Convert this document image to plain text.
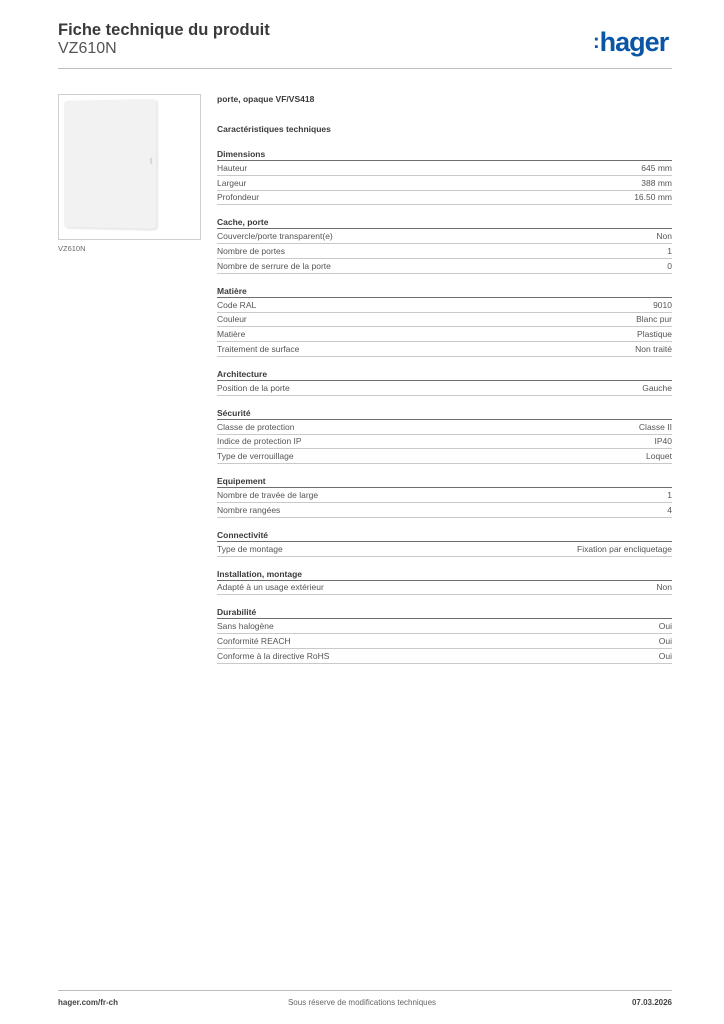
Fiche technique du produit
VZ610N	:hager
VZ610N
porte, opaque VF/VS418
Caractéristiques techniques
Dimensions
Hauteur	645 mm
Largeur	388 mm
Profondeur	16.50 mm
Cache, porte
Couvercle/porte transparent(e)	Non
Nombre de portes	1
Nombre de serrure de la porte	0
Matière
Code RAL	9010
Couleur	Blanc pur
Matière	Plastique
Traitement de surface	Non traité
Architecture
Position de la porte	Gauche
Sécurité
Classe de protection	Classe II
Indice de protection IP	IP40
Type de verrouillage	Loquet
Equipement
Nombre de travée de large	1
Nombre rangées	4
Connectivité
Type de montage	Fixation par encliquetage
Installation, montage
Adapté à un usage extérieur	Non
Durabilité
Sans halogène	Oui
Conformité REACH	Oui
Conforme à la directive RoHS	Oui
hager.com/fr-ch	Sous réserve de modifications techniques	07.03.2026
